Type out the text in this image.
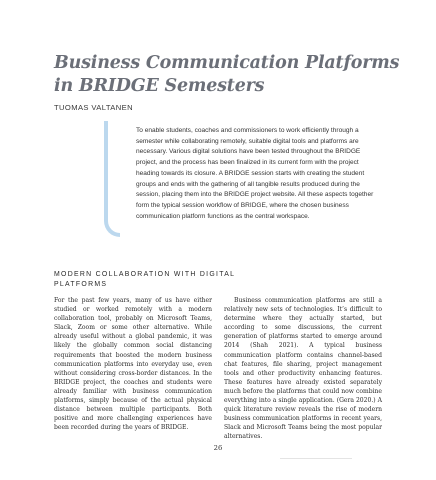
Business Communication Platforms in BRIDGE Semesters
TUOMAS VALTANEN
To enable students, coaches and commissioners to work efficiently through a semester while collaborating remotely, suitable digital tools and platforms are necessary. Various digital solutions have been tested throughout the BRIDGE project, and the process has been finalized in its current form with the project heading towards its closure. A BRIDGE session starts with creating the student groups and ends with the gathering of all tangible results produced during the session, placing them into the BRIDGE project website. All these aspects together form the typical session workflow of BRIDGE, where the chosen business communication platform functions as the central workspace.
MODERN COLLABORATION WITH DIGITAL PLATFORMS

For the past few years, many of us have either studied or worked remotely with a modern collaboration tool, probably on Microsoft Teams, Slack, Zoom or some other alternative. While already useful without a global pandemic, it was likely the globally common social distancing requirements that boosted the modern business communication platforms into everyday use, even without considering cross-border distances. In the BRIDGE project, the coaches and students were already familiar with business communication platforms, simply because of the actual physical distance between multiple participants. Both positive and more challenging experiences have been recorded during the years of BRIDGE.

Business communication platforms are still a relatively new sets of technologies. It’s difficult to determine where they actually started, but according to some discussions, the current generation of platforms started to emerge around 2014 (Shah 2021). A typical business communication platform contains channel-based chat features, file sharing, project management tools and other productivity enhancing features. These features have already existed separately much before the platforms that could now combine everything into a single application. (Gera 2020.) A quick literature review reveals the rise of modern business communication platforms in recent years, Slack and Microsoft Teams being the most popular alternatives.

26
